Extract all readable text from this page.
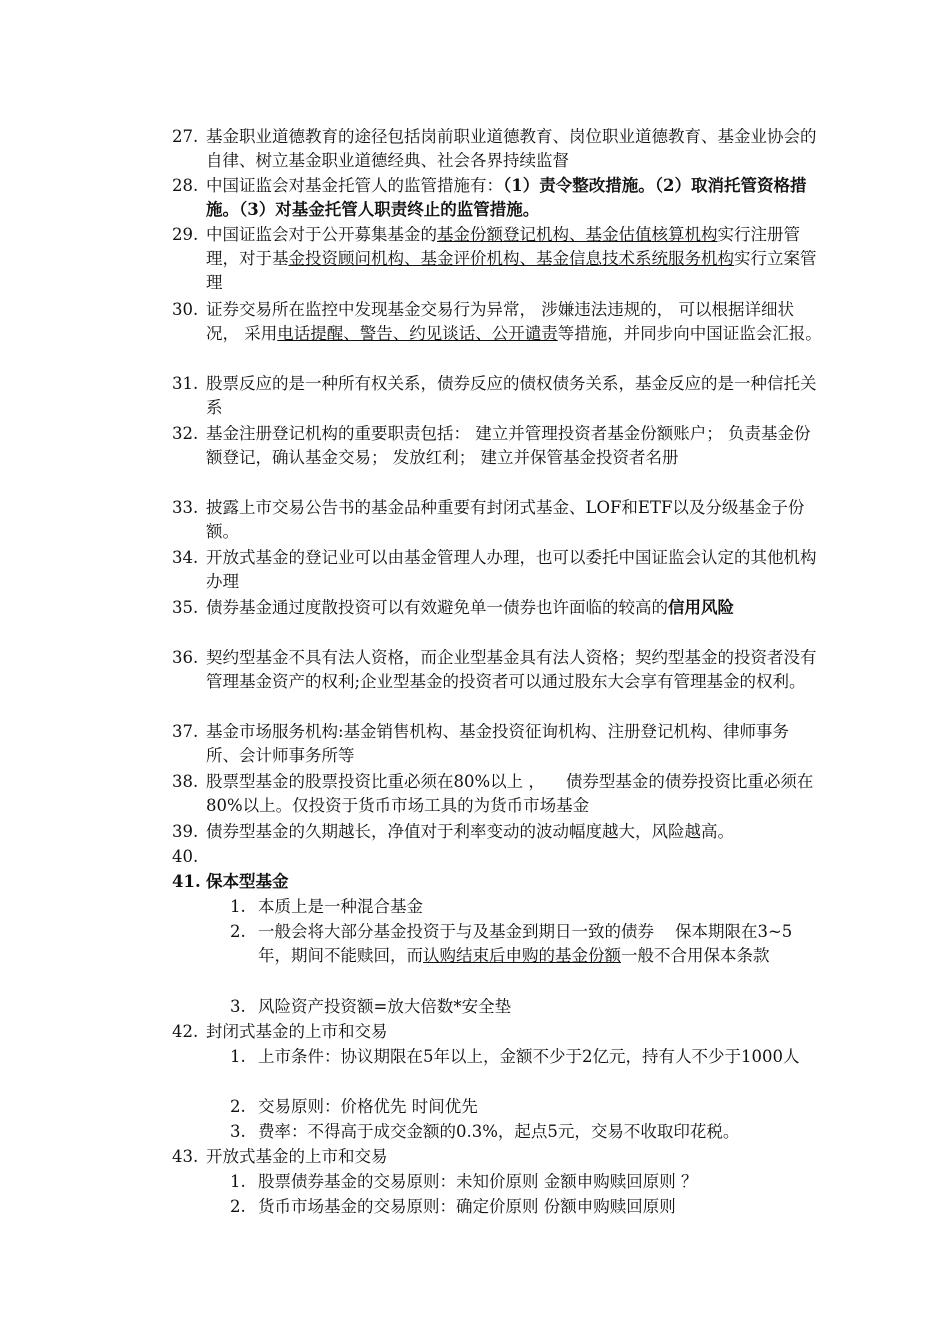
27. 基金职业道德教育的途径包括岗前职业道德教育、岗位职业道德教育、基金业协会的自律、树立基金职业道德经典、社会各界持续监督
28. 中国证监会对基金托管人的监管措施有：（1）责令整改措施。（2）取消托管资格措施。（3）对基金托管人职责终止的监管措施。
29. 中国证监会对于公开募集基金的基金份额登记机构、基金估值核算机构实行注册管理，对于基金投资顾问机构、基金评价机构、基金信息技术系统服务机构实行立案管理
30. 证券交易所在监控中发现基金交易行为异常， 涉嫌违法违规的， 可以根据详细状况， 采用电话提醒、警告、约见谈话、公开谴责等措施，并同步向中国证监会汇报。
31. 股票反应的是一种所有权关系，债券反应的债权债务关系，基金反应的是一种信托关系
32. 基金注册登记机构的重要职责包括： 建立并管理投资者基金份额账户； 负责基金份 额登记，确认基金交易； 发放红利； 建立并保管基金投资者名册
33. 披露上市交易公告书的基金品种重要有封闭式基金、LOF和ETF以及分级基金子份额。
34. 开放式基金的登记业可以由基金管理人办理，也可以委托中国证监会认定的其他机构办理
35. 债券基金通过度散投资可以有效避免单一债券也许面临的较高的信用风险
36. 契约型基金不具有法人资格，而企业型基金具有法人资格；契约型基金的投资者没有管理基金资产的权利;企业型基金的投资者可以通过股东大会享有管理基金的权利。
37. 基金市场服务机构:基金销售机构、基金投资征询机构、注册登记机构、律师事务所、会计师事务所等
38. 股票型基金的股票投资比重必须在80%以上 ，    债券型基金的债券投资比重必须在80%以上。仅投资于货币市场工具的为货币市场基金
39. 债券型基金的久期越长，净值对于利率变动的波动幅度越大，风险越高。
40.
41. 保本型基金
1. 本质上是一种混合基金
2. 一般会将大部分基金投资于与及基金到期日一致的债券    保本期限在3~5年，期间不能赎回，而认购结束后申购的基金份额一般不合用保本条款
3. 风险资产投资额=放大倍数*安全垫
42. 封闭式基金的上市和交易
1. 上市条件：协议期限在5年以上，金额不少于2亿元，持有人不少于1000人
2. 交易原则：价格优先 时间优先
3. 费率：不得高于成交金额的0.3%，起点5元，交易不收取印花税。
43. 开放式基金的上市和交易
1. 股票债券基金的交易原则：未知价原则 金额申购赎回原则 ？
2. 货币市场基金的交易原则：确定价原则 份额申购赎回原则
